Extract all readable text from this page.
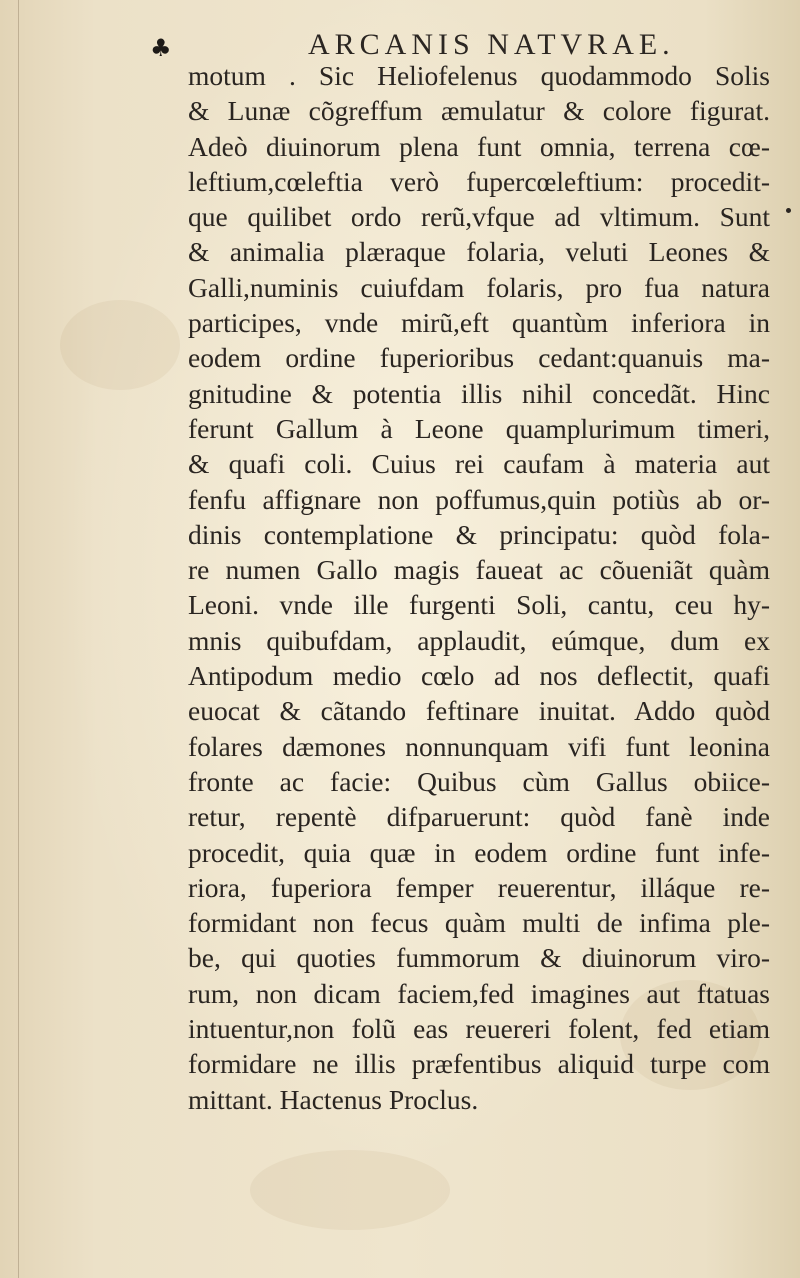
♣	ARCANIS NATVRAE.
motum . Sic Heliofelenus quodammodo Solis
& Lunæ cõgreffum æmulatur & colore figurat.
Adeò diuinorum plena funt omnia, terrena cœ-
leftium,cœleftia verò fupercœleftium: procedit-
que quilibet ordo rerũ,vfque ad vltimum. Sunt
& animalia plæraque folaria, veluti Leones &
Galli,numinis cuiufdam folaris, pro fua natura
participes, vnde mirũ,eft quantùm inferiora in
eodem ordine fuperioribus cedant:quanuis ma-
gnitudine & potentia illis nihil concedãt. Hinc
ferunt Gallum à Leone quamplurimum timeri,
& quafi coli. Cuius rei caufam à materia aut
fenfu affignare non poffumus,quin potiùs ab or-
dinis contemplatione & principatu: quòd fola-
re numen Gallo magis faueat ac cõueniãt quàm
Leoni. vnde ille furgenti Soli, cantu, ceu hy-
mnis quibufdam, applaudit, eúmque, dum ex
Antipodum medio cœlo ad nos deflectit, quafi
euocat & cãtando feftinare inuitat. Addo quòd
folares dæmones nonnunquam vifi funt leonina
fronte ac facie: Quibus cùm Gallus obiice-
retur, repentè difparuerunt: quòd fanè inde
procedit, quia quæ in eodem ordine funt infe-
riora, fuperiora femper reuerentur, illáque re-
formidant non fecus quàm multi de infima ple-
be, qui quoties fummorum & diuinorum viro-
rum, non dicam faciem,fed imagines aut ftatuas
intuentur,non folũ eas reuereri folent, fed etiam
formidare ne illis præfentibus aliquid turpe com
mittant. Hactenus Proclus.
